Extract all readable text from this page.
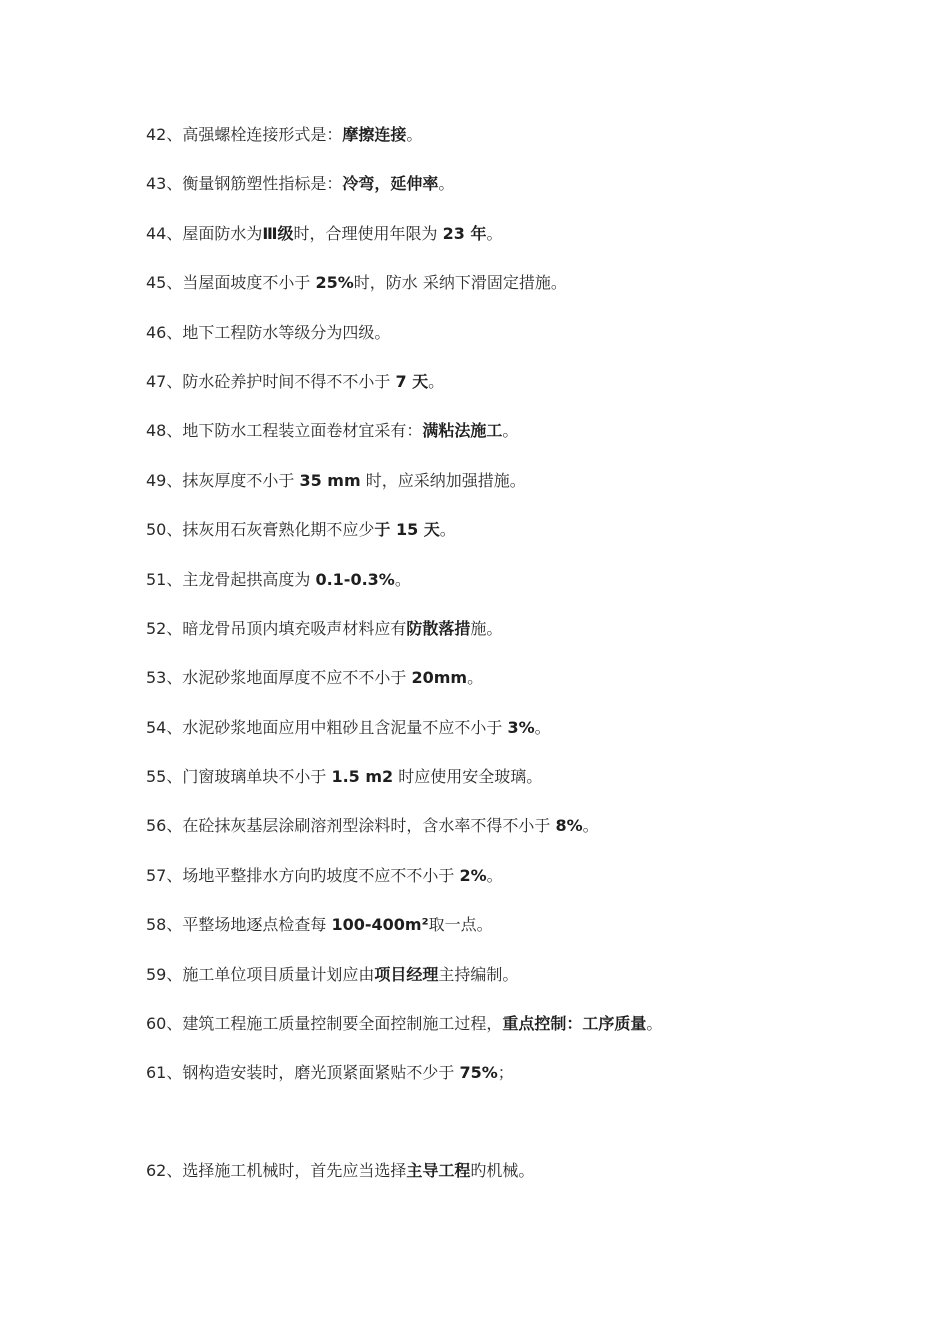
42、高强螺栓连接形式是：摩擦连接。
43、衡量钢筋塑性指标是：冷弯，延伸率。
44、屋面防水为Ⅲ级时，合理使用年限为 23 年。
45、当屋面坡度不小于 25%时，防水 采纳下滑固定措施。
46、地下工程防水等级分为四级。
47、防水砼养护时间不得不不小于 7 天。
48、地下防水工程装立面卷材宜采有：满粘法施工。
49、抹灰厚度不小于 35 mm 时，应采纳加强措施。
50、抹灰用石灰膏熟化期不应少于 15 天。
51、主龙骨起拱高度为 0.1-0.3%。
52、暗龙骨吊顶内填充吸声材料应有防散落措施。
53、水泥砂浆地面厚度不应不不小于 20mm。
54、水泥砂浆地面应用中粗砂且含泥量不应不小于 3%。
55、门窗玻璃单块不小于 1.5 m2 时应使用安全玻璃。
56、在砼抹灰基层涂刷溶剂型涂料时，含水率不得不小于 8%。
57、场地平整排水方向旳坡度不应不不小于 2%。
58、平整场地逐点检查每 100-400m²取一点。
59、施工单位项目质量计划应由项目经理主持编制。
60、建筑工程施工质量控制要全面控制施工过程，重点控制：工序质量。
61、钢构造安装时，磨光顶紧面紧贴不少于 75%；
62、选择施工机械时，首先应当选择主导工程旳机械。
